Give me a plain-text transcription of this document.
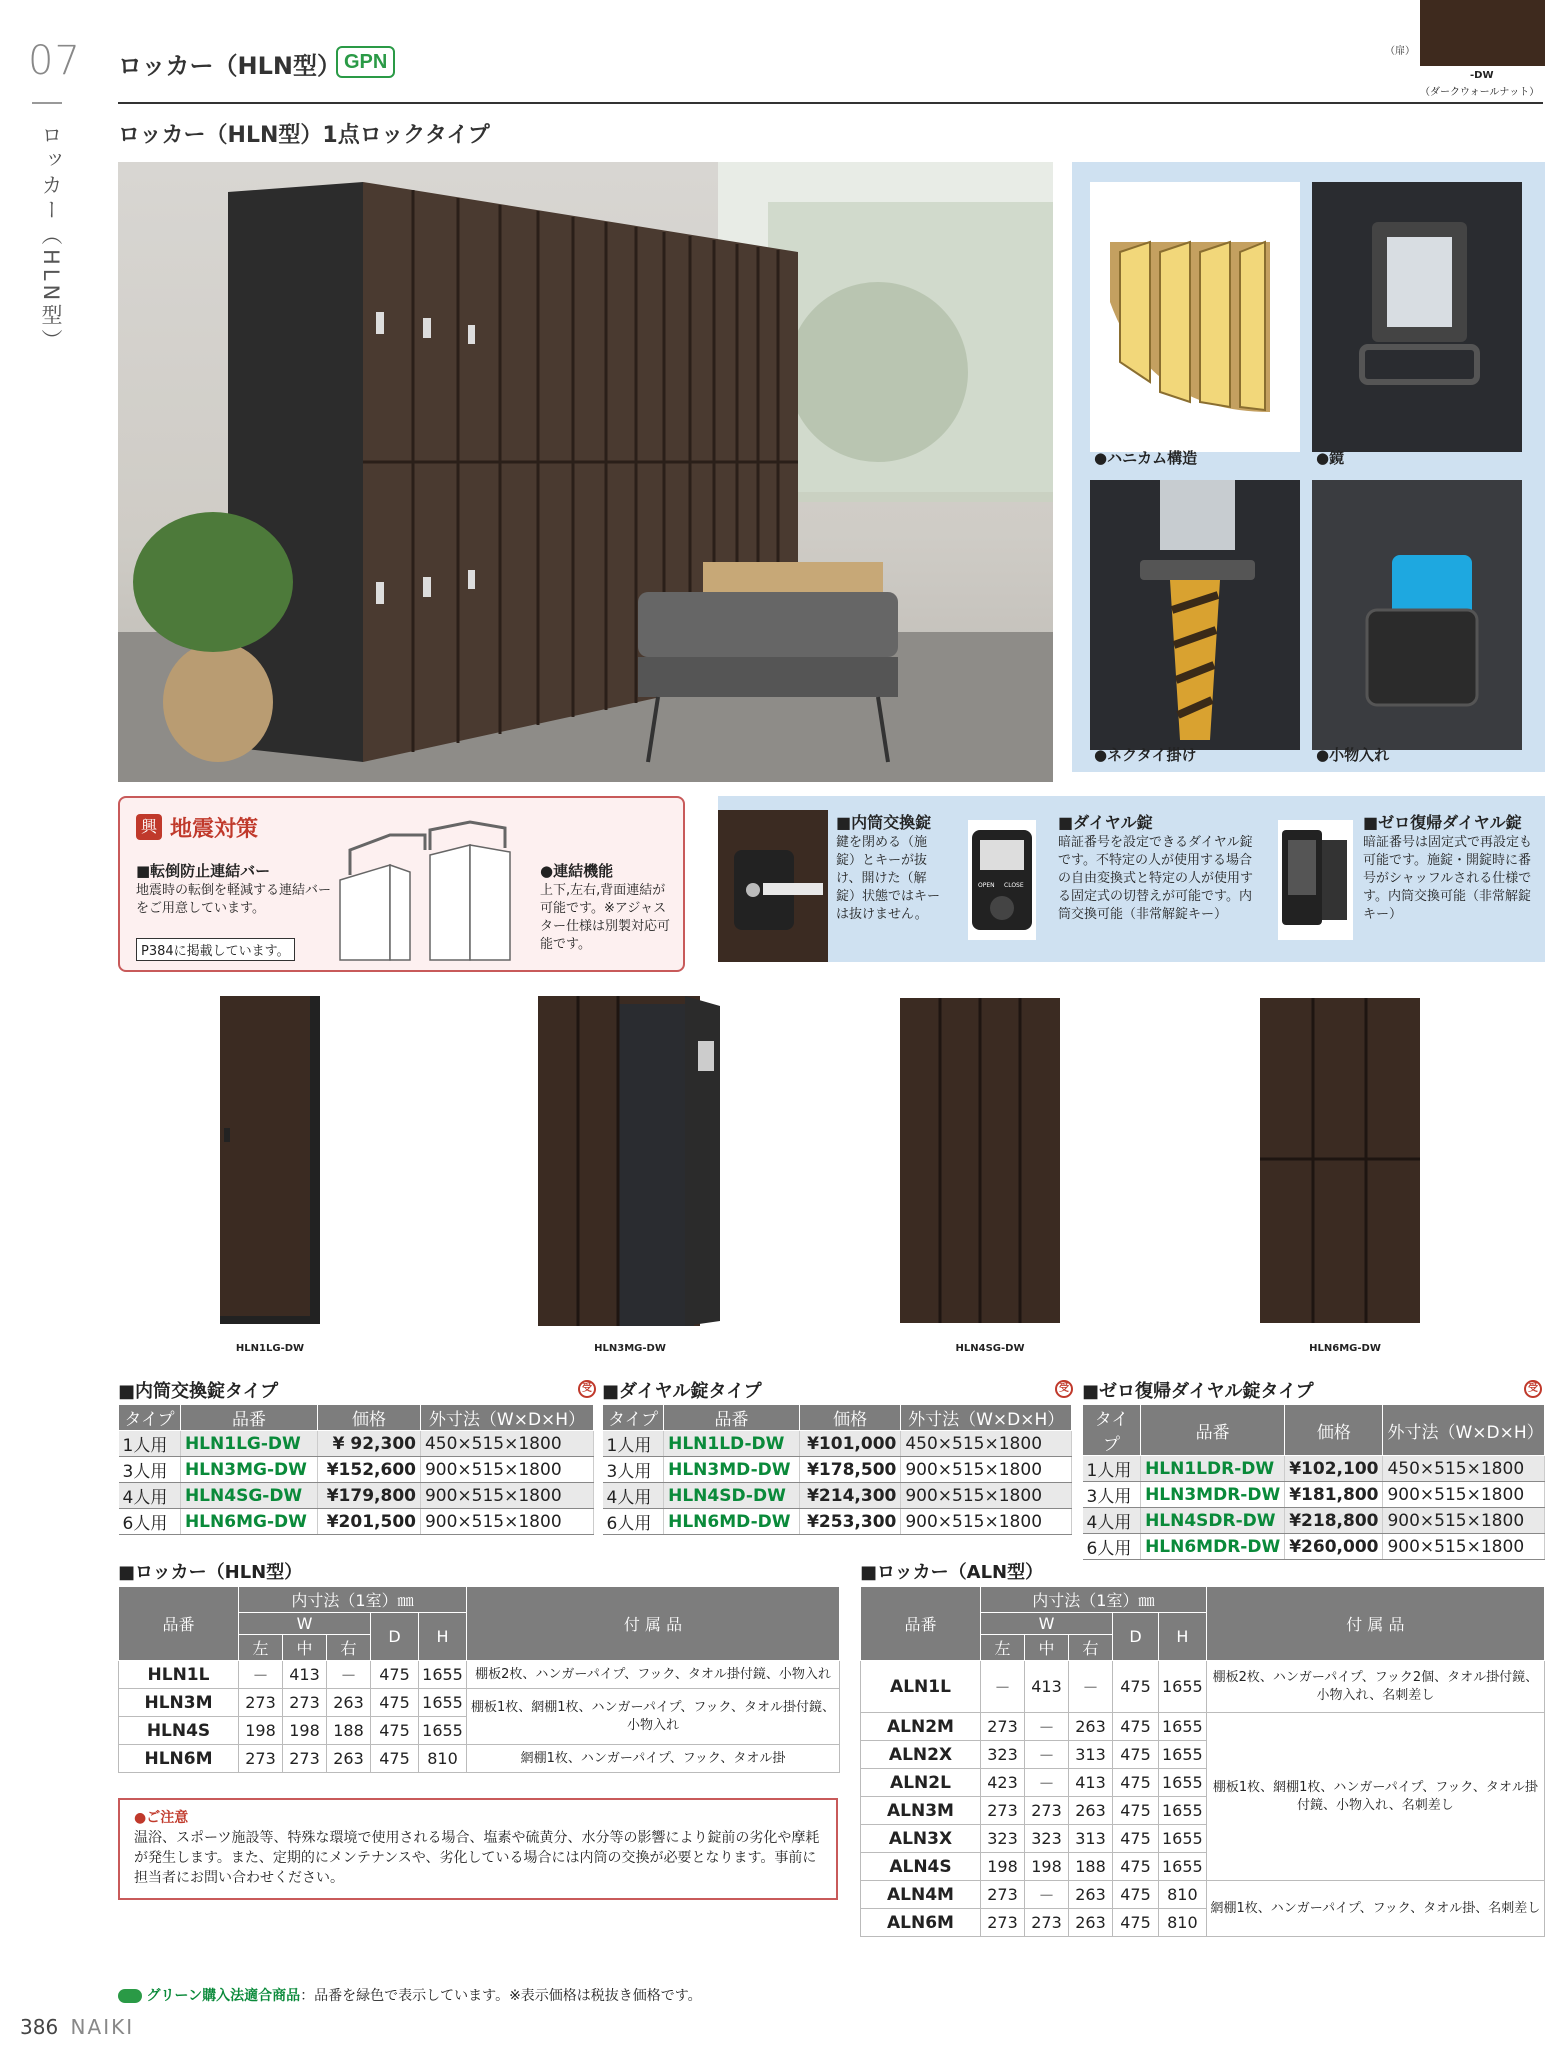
07
ロッカー（HLN型）
ロッカー（HLN型） GPN	（扉）
-DW
（ダークウォールナット）
ロッカー（HLN型）1点ロックタイプ
●ハニカム構造	●鏡
●ネクタイ掛け	●小物入れ
興 地震対策
■転倒防止連結バー
地震時の転倒を軽減する連結バーをご用意しています。
P384に掲載しています。
●連結機能
上下,左右,背面連結が可能です。※アジャスター仕様は別製対応可能です。
■内筒交換錠
鍵を閉める（施錠）とキーが抜け、開けた（解錠）状態ではキーは抜けません。
OPEN CLOSE
■ダイヤル錠
暗証番号を設定できるダイヤル錠です。不特定の人が使用する場合の自由変換式と特定の人が使用する固定式の切替えが可能です。内筒交換可能（非常解錠キー）
■ゼロ復帰ダイヤル錠
暗証番号は固定式で再設定も可能です。施錠・開錠時に番号がシャッフルされる仕様です。内筒交換可能（非常解錠キー）
HLN1LG-DW	HLN3MG-DW	HLN4SG-DW	HLN6MG-DW
■内筒交換錠タイプ	受
タイプ	品番	価格	外寸法（W×D×H）
1人用	HLN1LG-DW	¥ 92,300	450×515×1800
3人用	HLN3MG-DW	¥152,600	900×515×1800
4人用	HLN4SG-DW	¥179,800	900×515×1800
6人用	HLN6MG-DW	¥201,500	900×515×1800
■ダイヤル錠タイプ	受
タイプ	品番	価格	外寸法（W×D×H）
1人用	HLN1LD-DW	¥101,000	450×515×1800
3人用	HLN3MD-DW	¥178,500	900×515×1800
4人用	HLN4SD-DW	¥214,300	900×515×1800
6人用	HLN6MD-DW	¥253,300	900×515×1800
■ゼロ復帰ダイヤル錠タイプ	受
タイプ	品番	価格	外寸法（W×D×H）
1人用	HLN1LDR-DW	¥102,100	450×515×1800
3人用	HLN3MDR-DW	¥181,800	900×515×1800
4人用	HLN4SDR-DW	¥218,800	900×515×1800
6人用	HLN6MDR-DW	¥260,000	900×515×1800
■ロッカー（HLN型）
品番	内寸法（1室）㎜					付 属 品
	W			D	H	
	左	中	右			
HLN1L	－	413	－	475	1655	棚板2枚、ハンガーパイプ、フック、タオル掛付鏡、小物入れ
HLN3M	273	273	263	475	1655	棚板1枚、網棚1枚、ハンガーパイプ、フック、タオル掛付鏡、小物入れ
HLN4S	198	198	188	475	1655	
HLN6M	273	273	263	475	810	網棚1枚、ハンガーパイプ、フック、タオル掛
■ロッカー（ALN型）
品番	内寸法（1室）㎜					付 属 品
	W			D	H	
	左	中	右			
ALN1L	－	413	－	475	1655	棚板2枚、ハンガーパイプ、フック2個、タオル掛付鏡、小物入れ、名刺差し
ALN2M	273	－	263	475	1655	棚板1枚、網棚1枚、ハンガーパイプ、フック、タオル掛付鏡、小物入れ、名刺差し
ALN2X	323	－	313	475	1655	
ALN2L	423	－	413	475	1655	
ALN3M	273	273	263	475	1655	
ALN3X	323	323	313	475	1655	
ALN4S	198	198	188	475	1655	
ALN4M	273	－	263	475	810	網棚1枚、ハンガーパイプ、フック、タオル掛、名刺差し
ALN6M	273	273	263	475	810	
●ご注意
温浴、スポーツ施設等、特殊な環境で使用される場合、塩素や硫黄分、水分等の影響により錠前の劣化や摩耗が発生します。また、定期的にメンテナンスや、劣化している場合には内筒の交換が必要となります。事前に担当者にお問い合わせください。
グリーン購入法適合商品：品番を緑色で表示しています。※表示価格は税抜き価格です。
386 NAIKI
